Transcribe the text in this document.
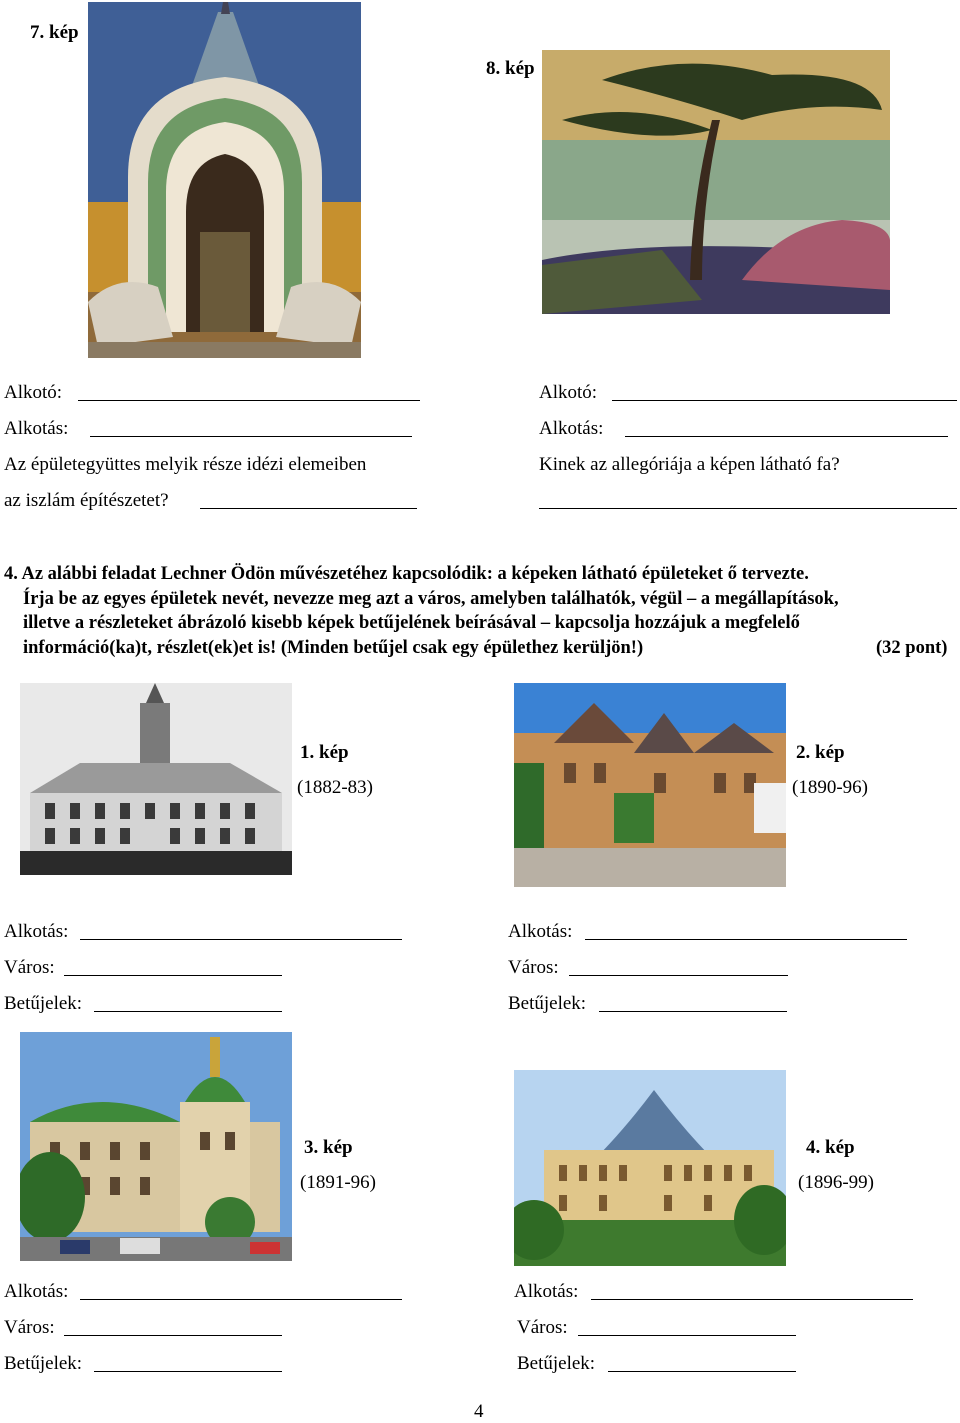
7. kép
8. kép
Alkotó:
Alkotás:
Az épületegyüttes melyik része idézi elemeiben
az iszlám építészetet?
Alkotó:
Alkotás:
Kinek az allegóriája a képen látható fa?

4. Az alábbi feladat Lechner Ödön művészetéhez kapcsolódik: a képeken látható épületeket ő tervezte.

Írja be az egyes épületek nevét, nevezze meg azt a város, amelyben találhatók, végül – a megállapítások,

illetve a részleteket ábrázoló kisebb képek betűjelének beírásával – kapcsolja hozzájuk a megfelelő

információ(ka)t, részlet(ek)et is! (Minden betűjel csak egy épülethez kerüljön!)	(32 pont)

1. kép
(1882-83)
2. kép
(1890-96)
Alkotás:
Város:
Betűjelek:
Alkotás:
Város:
Betűjelek:
3. kép
(1891-96)
4. kép
(1896-99)
Alkotás:
Város:
Betűjelek:
Alkotás:
Város:
Betűjelek:
4
